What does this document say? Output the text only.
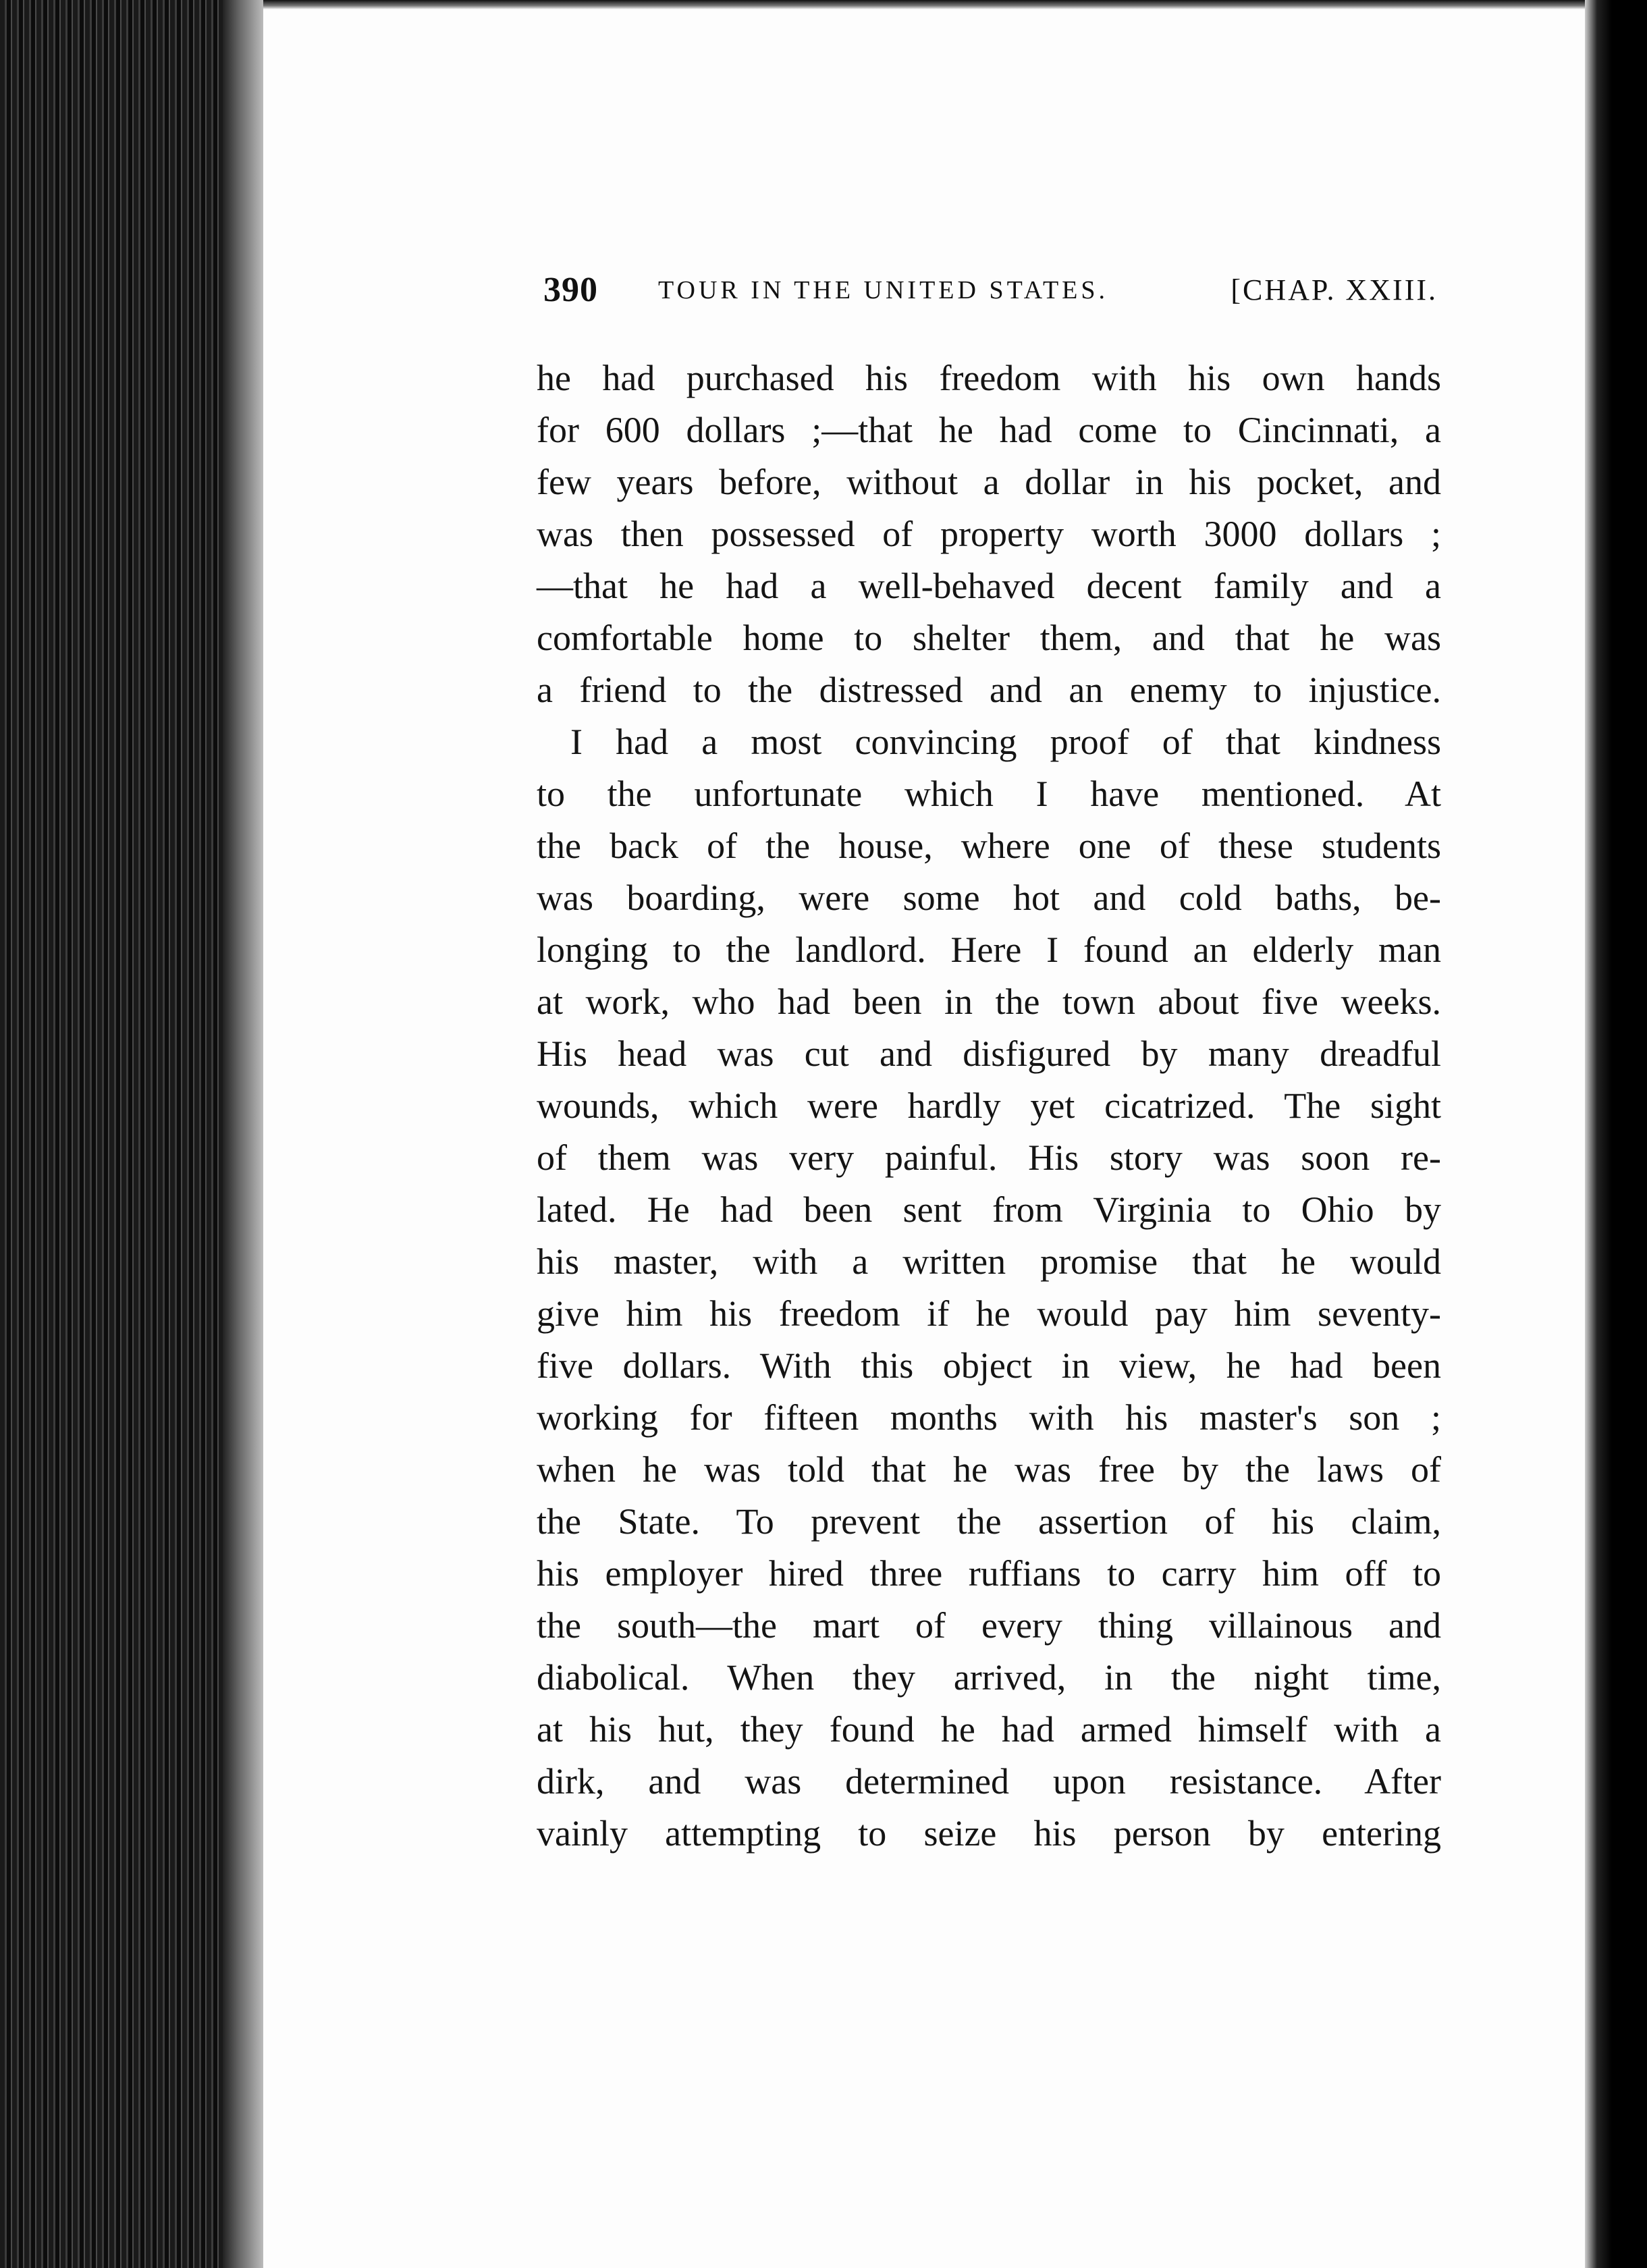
390 TOUR IN THE UNITED STATES.	[CHAP. XXIII.
he had purchased his freedom with his own hands
for 600 dollars ;—that he had come to Cincinnati, a
few years before, without a dollar in his pocket, and
was then possessed of property worth 3000 dollars ;
—that he had a well-behaved decent family and a
comfortable home to shelter them, and that he was
a friend to the distressed and an enemy to injustice.
I had a most convincing proof of that kindness
to the unfortunate which I have mentioned. At
the back of the house, where one of these students
was boarding, were some hot and cold baths, be-
longing to the landlord. Here I found an elderly man
at work, who had been in the town about five weeks.
His head was cut and disfigured by many dreadful
wounds, which were hardly yet cicatrized. The sight
of them was very painful. His story was soon re-
lated. He had been sent from Virginia to Ohio by
his master, with a written promise that he would
give him his freedom if he would pay him seventy-
five dollars. With this object in view, he had been
working for fifteen months with his master's son ;
when he was told that he was free by the laws of
the State. To prevent the assertion of his claim,
his employer hired three ruffians to carry him off to
the south—the mart of every thing villainous and
diabolical. When they arrived, in the night time,
at his hut, they found he had armed himself with a
dirk, and was determined upon resistance. After
vainly attempting to seize his person by entering
